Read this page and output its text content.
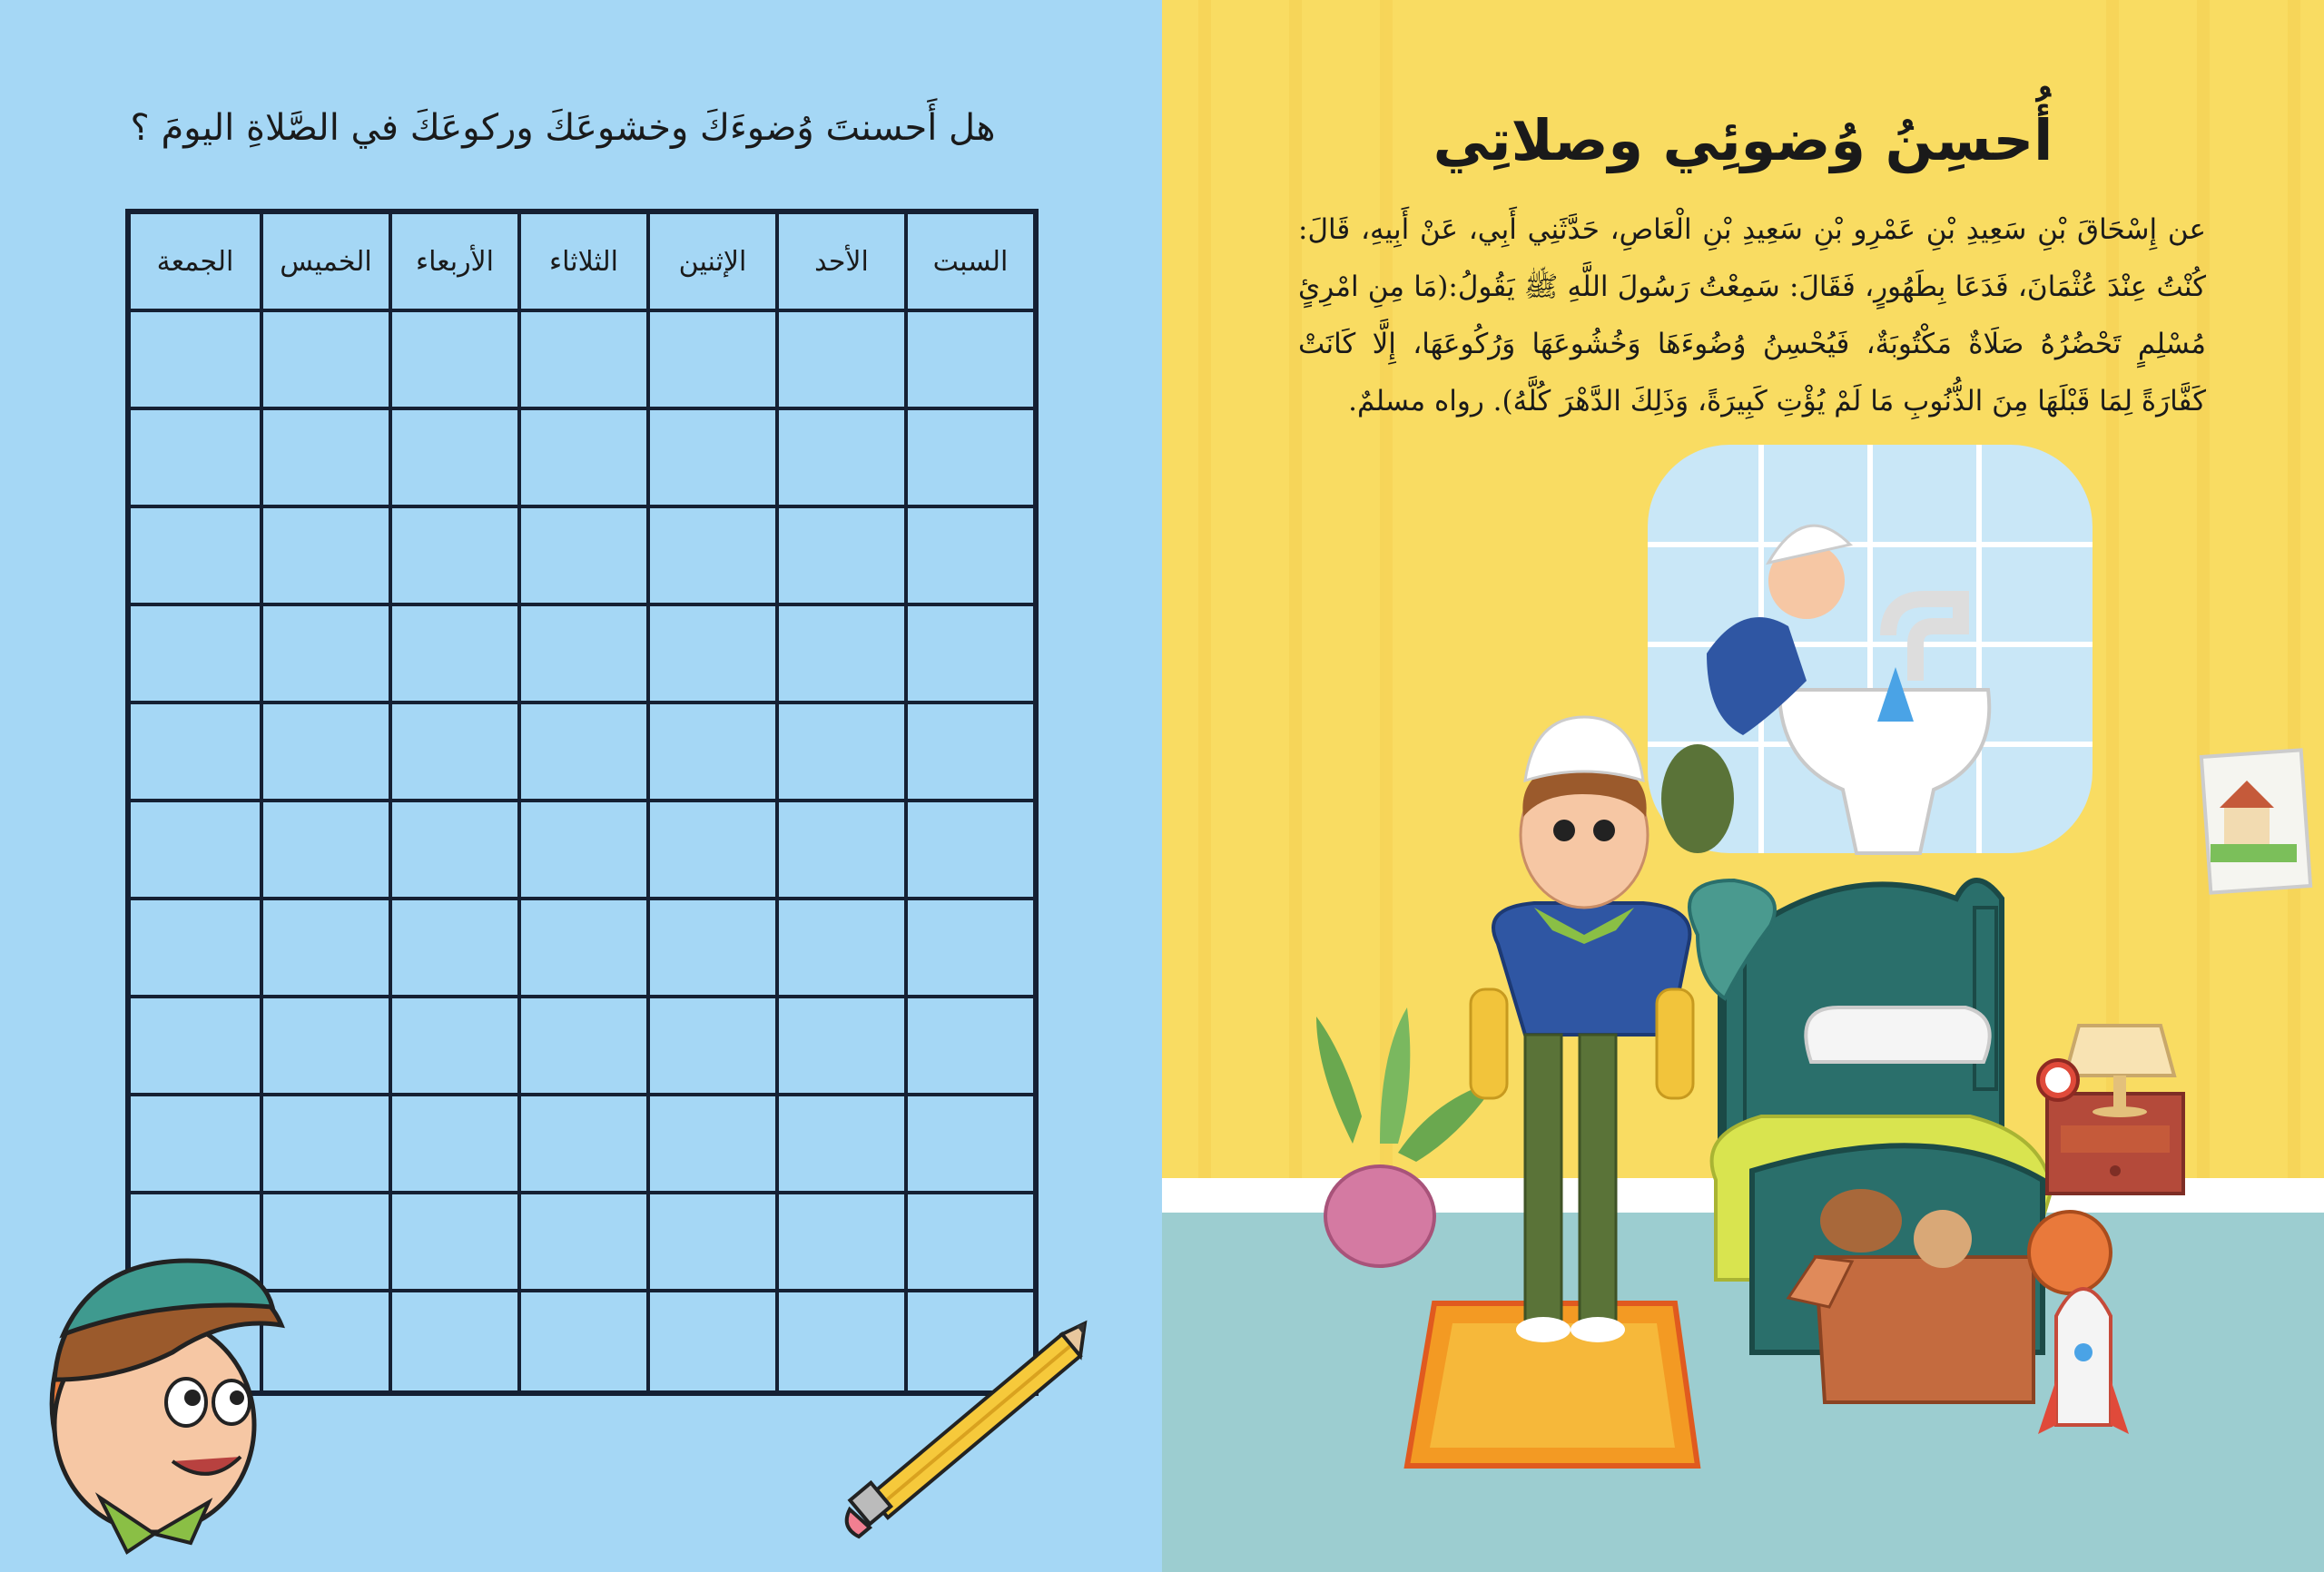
هل أَحسنتَ وُضوءَكَ وخشوعَكَ وركوعَكَ في الصَّلاةِ اليومَ ؟
السبت
الأحد
الإثنين
الثلاثاء
الأربعاء
الخميس
الجمعة
أُحسِنُ وُضوئِي وصلاتِي
عن إِسْحَاقَ بْنِ سَعِيدِ بْنِ عَمْرِو بْنِ سَعِيدِ بْنِ الْعَاصِ، حَدَّثَنِي أَبِي، عَنْ أَبِيهِ، قَالَ: كُنْتُ عِنْدَ عُثْمَانَ، فَدَعَا بِطَهُورٍ، فَقَالَ: سَمِعْتُ رَسُولَ اللَّهِ ﷺ يَقُولُ:(مَا مِنِ امْرِئٍ مُسْلِمٍ تَحْضُرُهُ صَلَاةٌ مَكْتُوبَةٌ، فَيُحْسِنُ وُضُوءَهَا وَخُشُوعَهَا وَرُكُوعَهَا، إِلَّا كَانَتْ كَفَّارَةً لِمَا قَبْلَهَا مِنَ الذُّنُوبِ مَا لَمْ يُؤْتِ كَبِيرَةً، وَذَلِكَ الدَّهْرَ كُلَّهُ). رواه مسلمٌ.
